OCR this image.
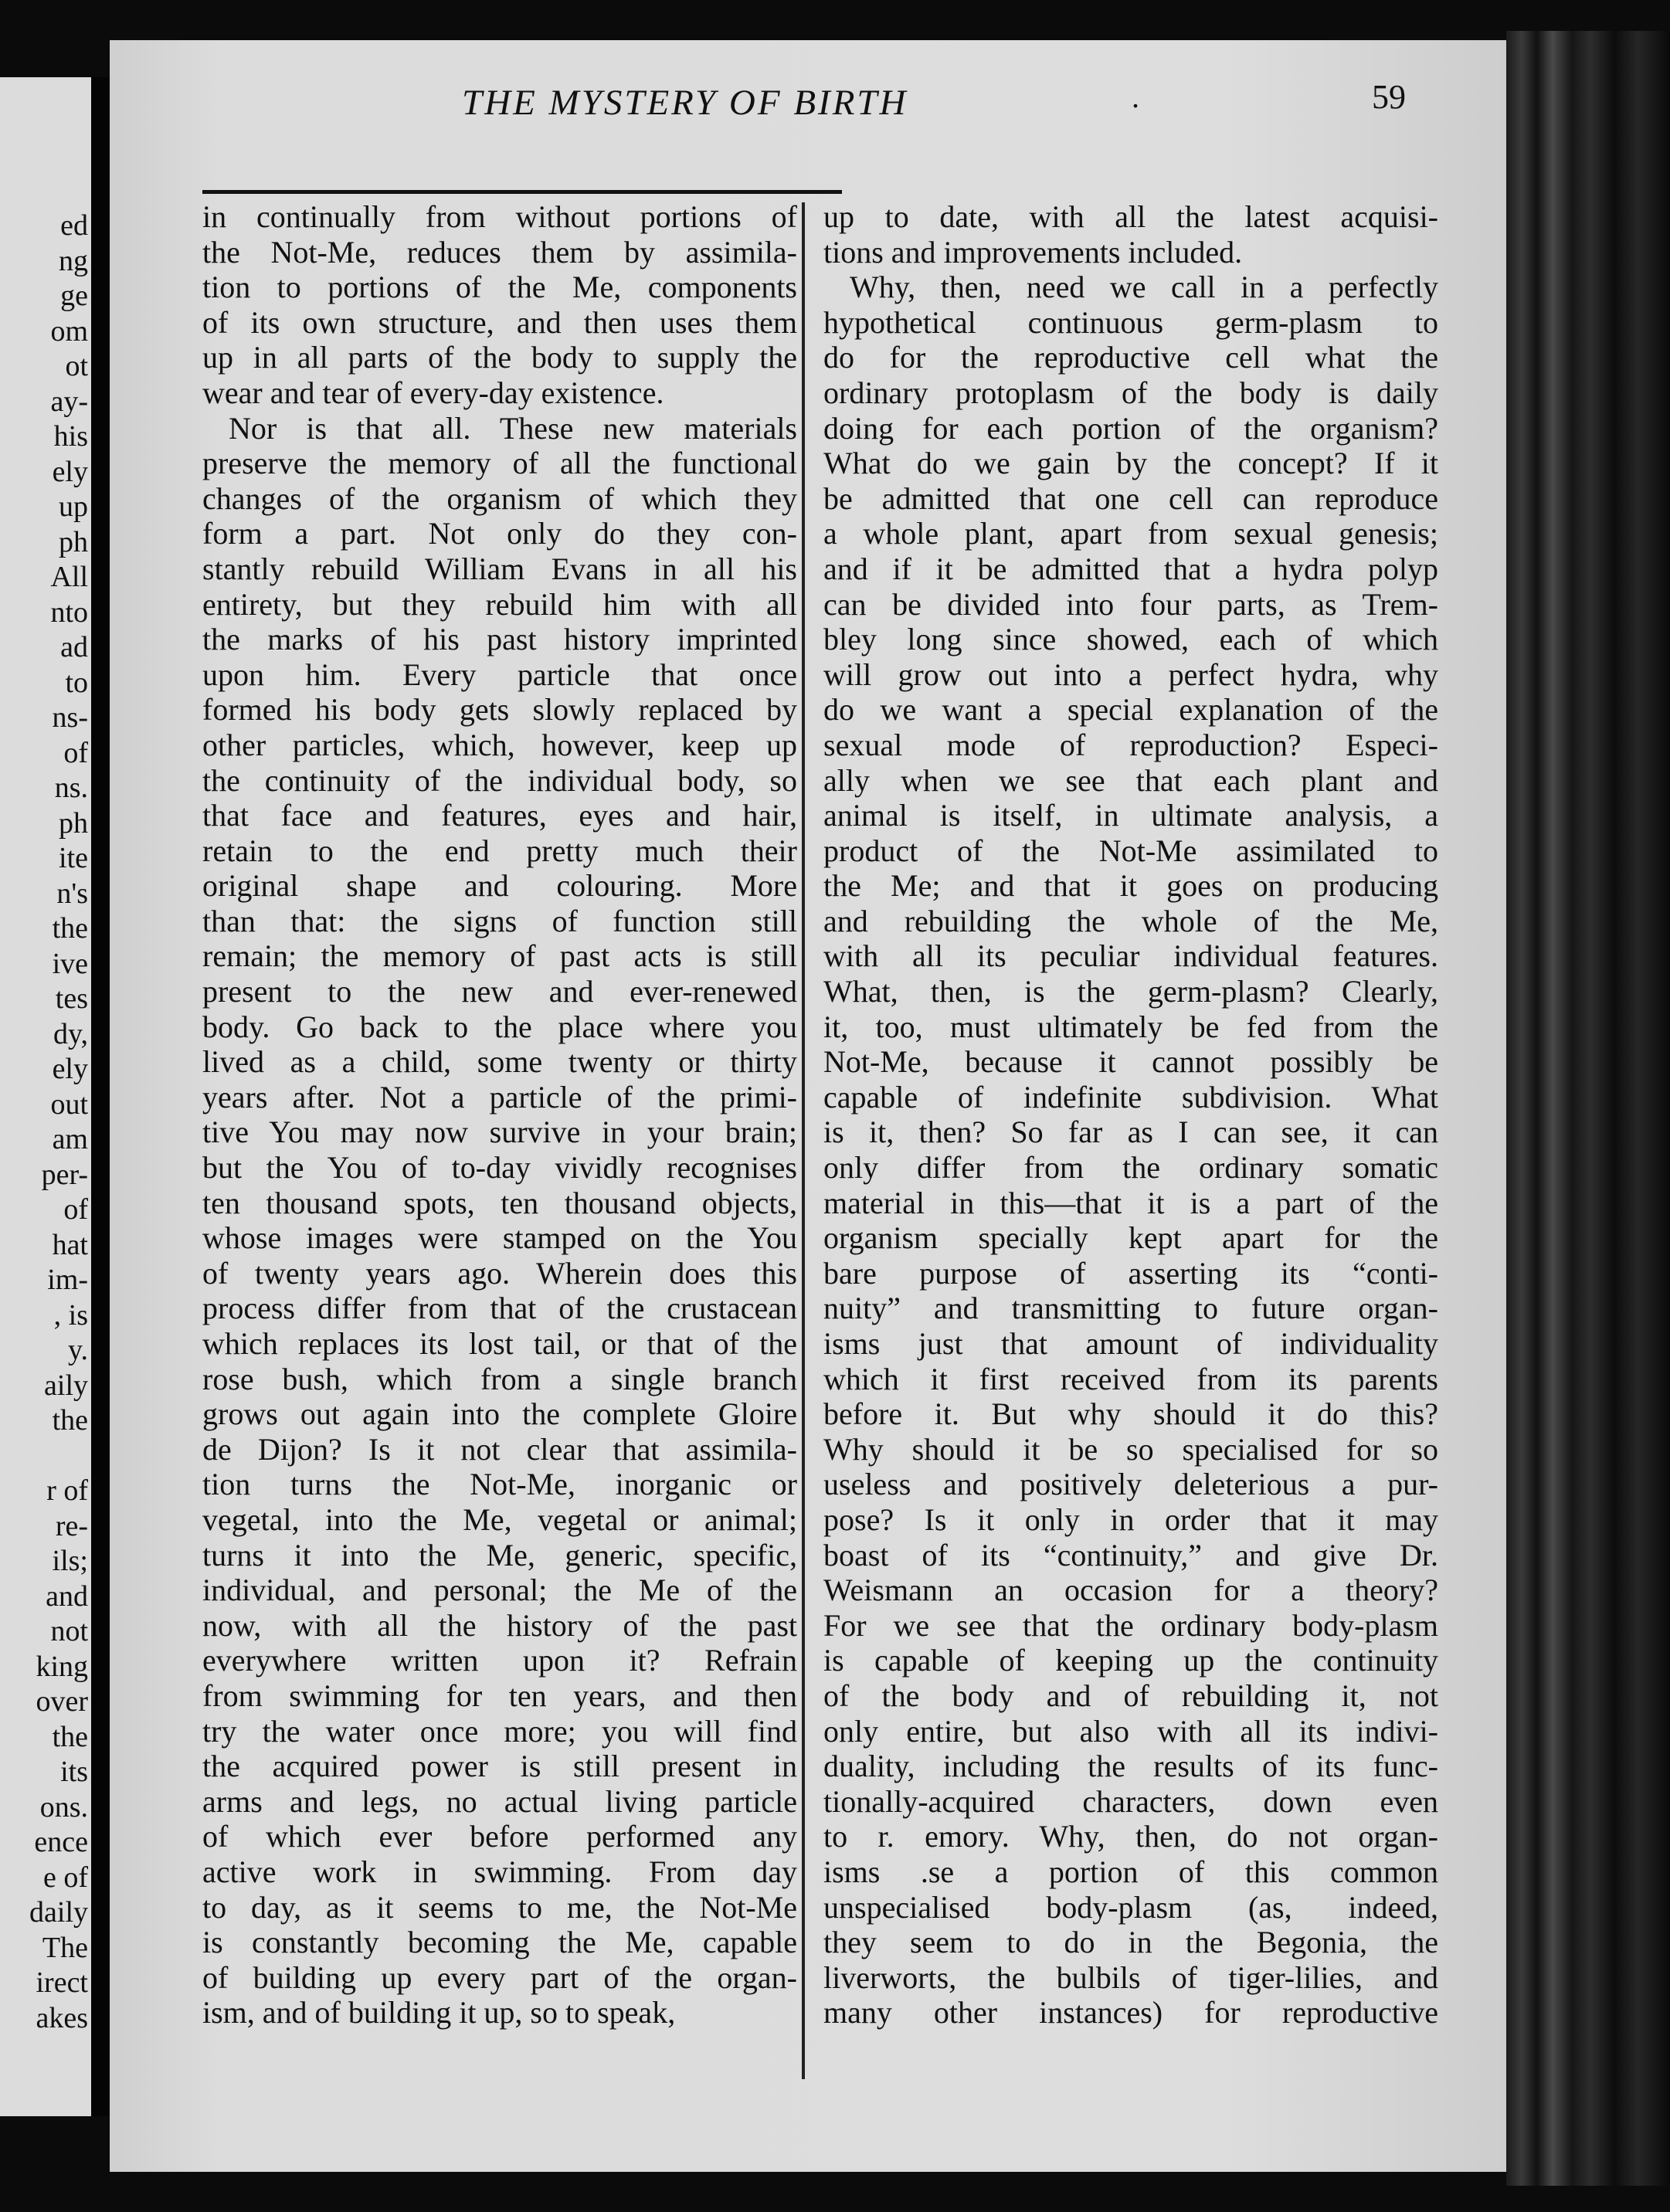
ed
ng
ge
om
ot
ay-
his
ely
up
ph
All
nto
ad
to
ns-
of
ns.
ph
ite
n's
the
ive
tes
dy,
ely
out
am
per-
of
hat
im-
, is
y.
aily
the
r of
re-
ils;
and
not
king
over
the
its
ons.
ence
e of
daily
The
irect
akes
THE MYSTERY OF BIRTH	.	59
in continually from without portions of
the Not-Me, reduces them by assimila-
tion to portions of the Me, components
of its own structure, and then uses them
up in all parts of the body to supply the
wear and tear of every-day existence.
Nor is that all. These new materials
preserve the memory of all the functional
changes of the organism of which they
form a part. Not only do they con-
stantly rebuild William Evans in all his
entirety, but they rebuild him with all
the marks of his past history imprinted
upon him. Every particle that once
formed his body gets slowly replaced by
other particles, which, however, keep up
the continuity of the individual body, so
that face and features, eyes and hair,
retain to the end pretty much their
original shape and colouring. More
than that: the signs of function still
remain; the memory of past acts is still
present to the new and ever-renewed
body. Go back to the place where you
lived as a child, some twenty or thirty
years after. Not a particle of the primi-
tive You may now survive in your brain;
but the You of to-day vividly recognises
ten thousand spots, ten thousand objects,
whose images were stamped on the You
of twenty years ago. Wherein does this
process differ from that of the crustacean
which replaces its lost tail, or that of the
rose bush, which from a single branch
grows out again into the complete Gloire
de Dijon? Is it not clear that assimila-
tion turns the Not-Me, inorganic or
vegetal, into the Me, vegetal or animal;
turns it into the Me, generic, specific,
individual, and personal; the Me of the
now, with all the history of the past
everywhere written upon it? Refrain
from swimming for ten years, and then
try the water once more; you will find
the acquired power is still present in
arms and legs, no actual living particle
of which ever before performed any
active work in swimming. From day
to day, as it seems to me, the Not-Me
is constantly becoming the Me, capable
of building up every part of the organ-
ism, and of building it up, so to speak,
up to date, with all the latest acquisi-
tions and improvements included.
Why, then, need we call in a perfectly
hypothetical continuous germ-plasm to
do for the reproductive cell what the
ordinary protoplasm of the body is daily
doing for each portion of the organism?
What do we gain by the concept? If it
be admitted that one cell can reproduce
a whole plant, apart from sexual genesis;
and if it be admitted that a hydra polyp
can be divided into four parts, as Trem-
bley long since showed, each of which
will grow out into a perfect hydra, why
do we want a special explanation of the
sexual mode of reproduction? Especi-
ally when we see that each plant and
animal is itself, in ultimate analysis, a
product of the Not-Me assimilated to
the Me; and that it goes on producing
and rebuilding the whole of the Me,
with all its peculiar individual features.
What, then, is the germ-plasm? Clearly,
it, too, must ultimately be fed from the
Not-Me, because it cannot possibly be
capable of indefinite subdivision. What
is it, then? So far as I can see, it can
only differ from the ordinary somatic
material in this—that it is a part of the
organism specially kept apart for the
bare purpose of asserting its “conti-
nuity” and transmitting to future organ-
isms just that amount of individuality
which it first received from its parents
before it. But why should it do this?
Why should it be so specialised for so
useless and positively deleterious a pur-
pose? Is it only in order that it may
boast of its “continuity,” and give Dr.
Weismann an occasion for a theory?
For we see that the ordinary body-plasm
is capable of keeping up the continuity
of the body and of rebuilding it, not
only entire, but also with all its indivi-
duality, including the results of its func-
tionally-acquired characters, down even
to r. emory. Why, then, do not organ-
isms .se a portion of this common
unspecialised body-plasm (as, indeed,
they seem to do in the Begonia, the
liverworts, the bulbils of tiger-lilies, and
many other instances) for reproductive
